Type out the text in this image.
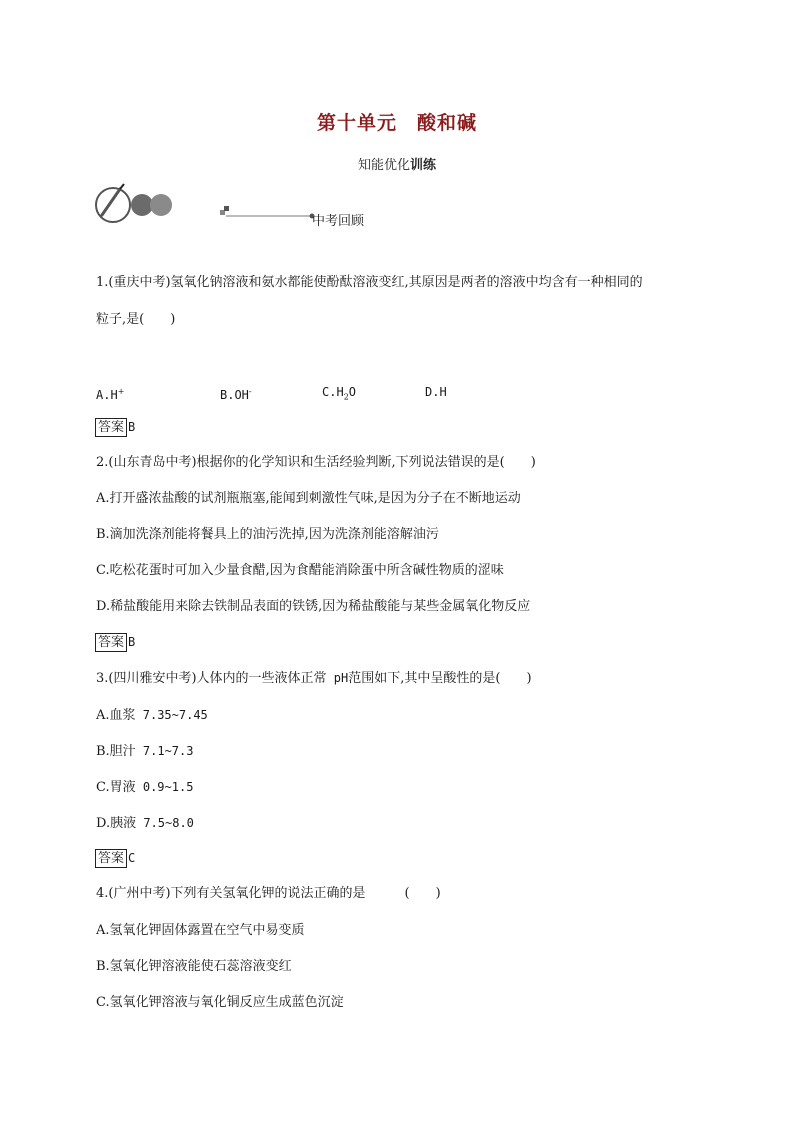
第十单元　酸和碱
知能优化训练
中考回顾
1.(重庆中考)氢氧化钠溶液和氨水都能使酚酞溶液变红,其原因是两者的溶液中均含有一种相同的
粒子,是(　　)
A.H+	B.OH-	$C.H_2O$	D.H
答案 B
2.(山东青岛中考)根据你的化学知识和生活经验判断,下列说法错误的是(　　)
A.打开盛浓盐酸的试剂瓶瓶塞,能闻到刺激性气味,是因为分子在不断地运动
B.滴加洗涤剂能将餐具上的油污洗掉,因为洗涤剂能溶解油污
C.吃松花蛋时可加入少量食醋,因为食醋能消除蛋中所含碱性物质的涩味
D.稀盐酸能用来除去铁制品表面的铁锈,因为稀盐酸能与某些金属氧化物反应
答案 B
3.(四川雅安中考)人体内的一些液体正常 pH范围如下,其中呈酸性的是(　　)
A.血浆 7.35~7.45
B.胆汁 7.1~7.3
C.胃液 0.9~1.5
D.胰液 7.5~8.0
答案 C
4.(广州中考)下列有关氢氧化钾的说法正确的是　　　(　　)
A.氢氧化钾固体露置在空气中易变质
B.氢氧化钾溶液能使石蕊溶液变红
C.氢氧化钾溶液与氧化铜反应生成蓝色沉淀
